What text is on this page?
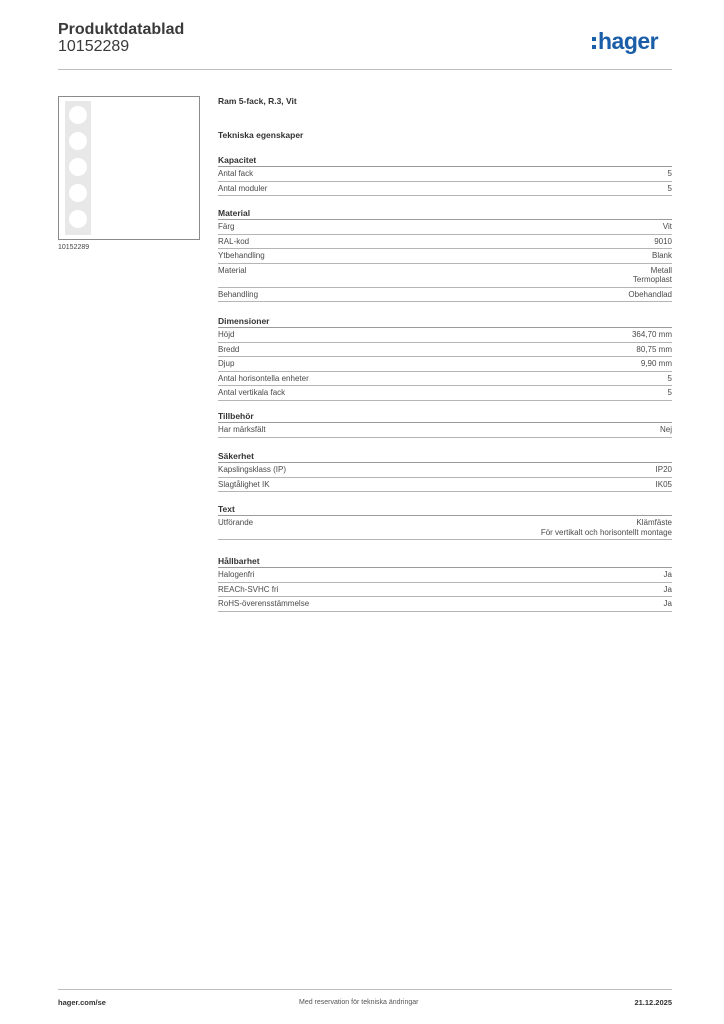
Produktdatablad
10152289	hager
10152289
Ram 5-fack, R.3, Vit
Tekniska egenskaper
Kapacitet
Antal fack	5
Antal moduler	5
Material
Färg	Vit
RAL-kod	9010
Ytbehandling	Blank
Material	Metall
Termoplast
Behandling	Obehandlad
Dimensioner
Höjd	364,70 mm
Bredd	80,75 mm
Djup	9,90 mm
Antal horisontella enheter	5
Antal vertikala fack	5
Tillbehör
Har märksfält	Nej
Säkerhet
Kapslingsklass (IP)	IP20
Slagtålighet IK	IK05
Text
Utförande	Klämfäste
För vertikalt och horisontellt montage
Hållbarhet
Halogenfri	Ja
REACh-SVHC fri	Ja
RoHS-överensstämmelse	Ja
hager.com/se	Med reservation för tekniska ändringar	21.12.2025
